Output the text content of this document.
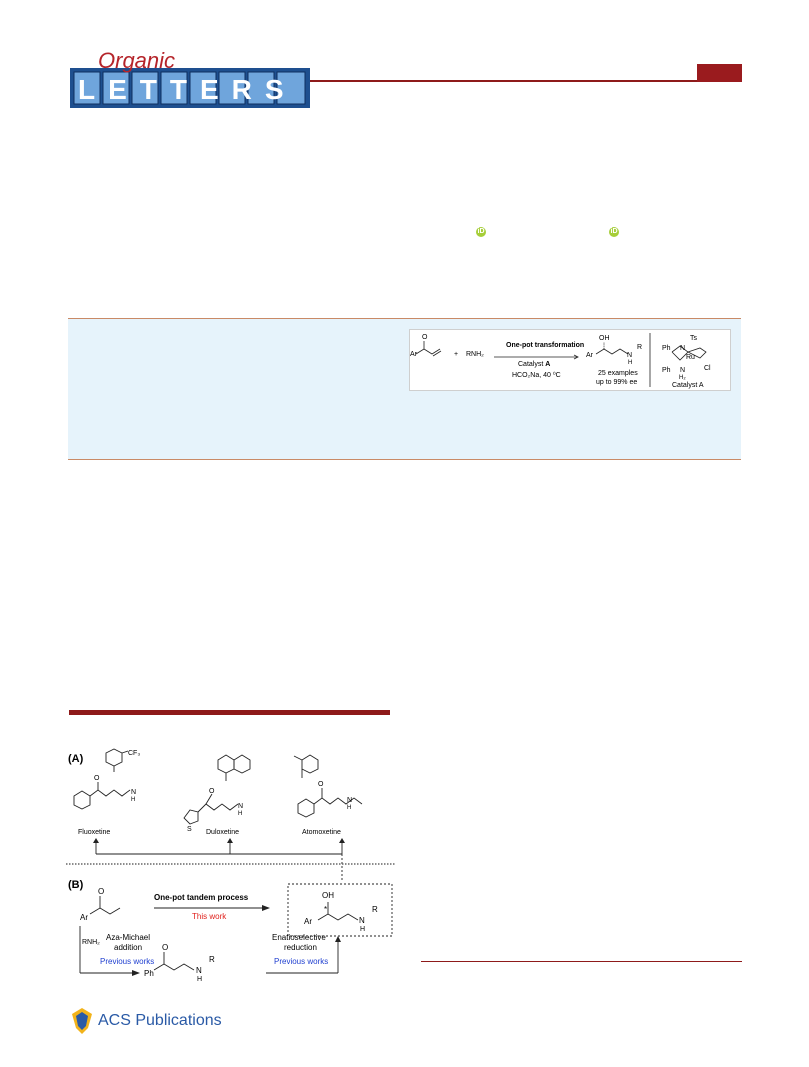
LETTERS
Organic
iD	iD
Ar
O
+ RNH₂
One-pot transformation
Catalyst A
HCO₂Na, 40 ⁰C
OH
Ar	N
H
R
25 examples
up to 99% ee
Ts
Ph N
Ru
Ph N
H₂
Cl
Catalyst A
(A)	CF₃
O
N
H
O
S
N
H
O
N
H
Fluoxetine	Duloxetine	Atomoxetine
(B)
O
Ar
One-pot tandem process
This work
OH
Ar
*
N
H
R
RNH₂
Aza-Michael
addition
Previous works
O
Ph	N
H
R
Enatioselective
reduction
Previous works
ACS Publications
